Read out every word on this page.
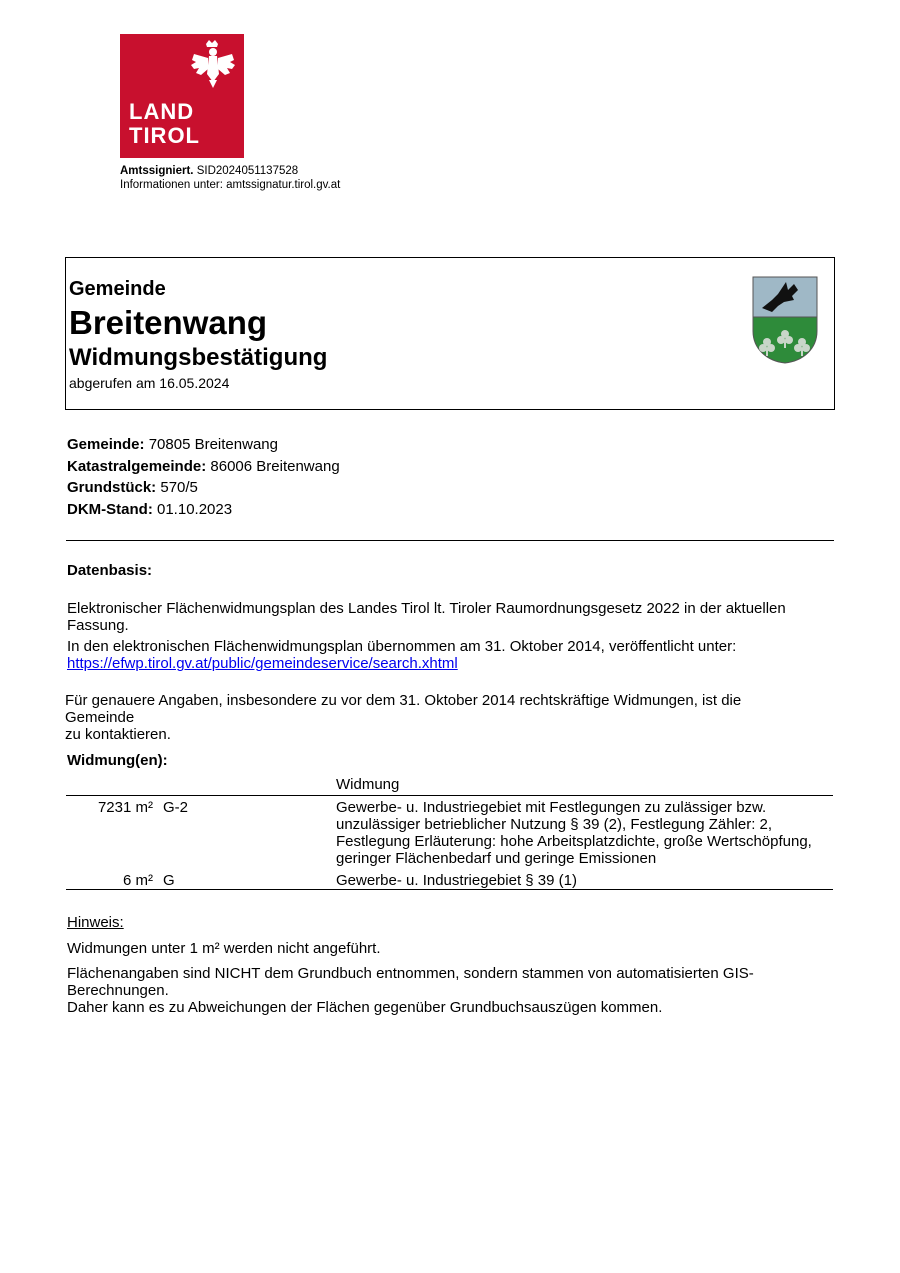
LAND
TIROL
Amtssigniert. SID2024051137528
Informationen unter: amtssignatur.tirol.gv.at
Gemeinde
Breitenwang
Widmungsbestätigung
abgerufen am 16.05.2024
Gemeinde: 70805 Breitenwang
Katastralgemeinde: 86006 Breitenwang
Grundstück: 570/5
DKM-Stand: 01.10.2023
Datenbasis:
Elektronischer Flächenwidmungsplan des Landes Tirol lt. Tiroler Raumordnungsgesetz 2022 in der aktuellen
Fassung.
In den elektronischen Flächenwidmungsplan übernommen am 31. Oktober 2014, veröffentlicht unter:
https://efwp.tirol.gv.at/public/gemeindeservice/search.xhtml
Für genauere Angaben, insbesondere zu vor dem 31. Oktober 2014 rechtskräftige Widmungen, ist die Gemeinde
zu kontaktieren.
Widmung(en):
Widmung
7231 m² G-2	Gewerbe- u. Industriegebiet mit Festlegungen zu zulässiger bzw.
unzulässiger betrieblicher Nutzung § 39 (2), Festlegung Zähler: 2,
Festlegung Erläuterung: hohe Arbeitsplatzdichte, große Wertschöpfung,
geringer Flächenbedarf und geringe Emissionen
6 m² G	Gewerbe- u. Industriegebiet § 39 (1)
Hinweis:
Widmungen unter 1 m² werden nicht angeführt.
Flächenangaben sind NICHT dem Grundbuch entnommen, sondern stammen von automatisierten GIS-
Berechnungen.
Daher kann es zu Abweichungen der Flächen gegenüber Grundbuchsauszügen kommen.
